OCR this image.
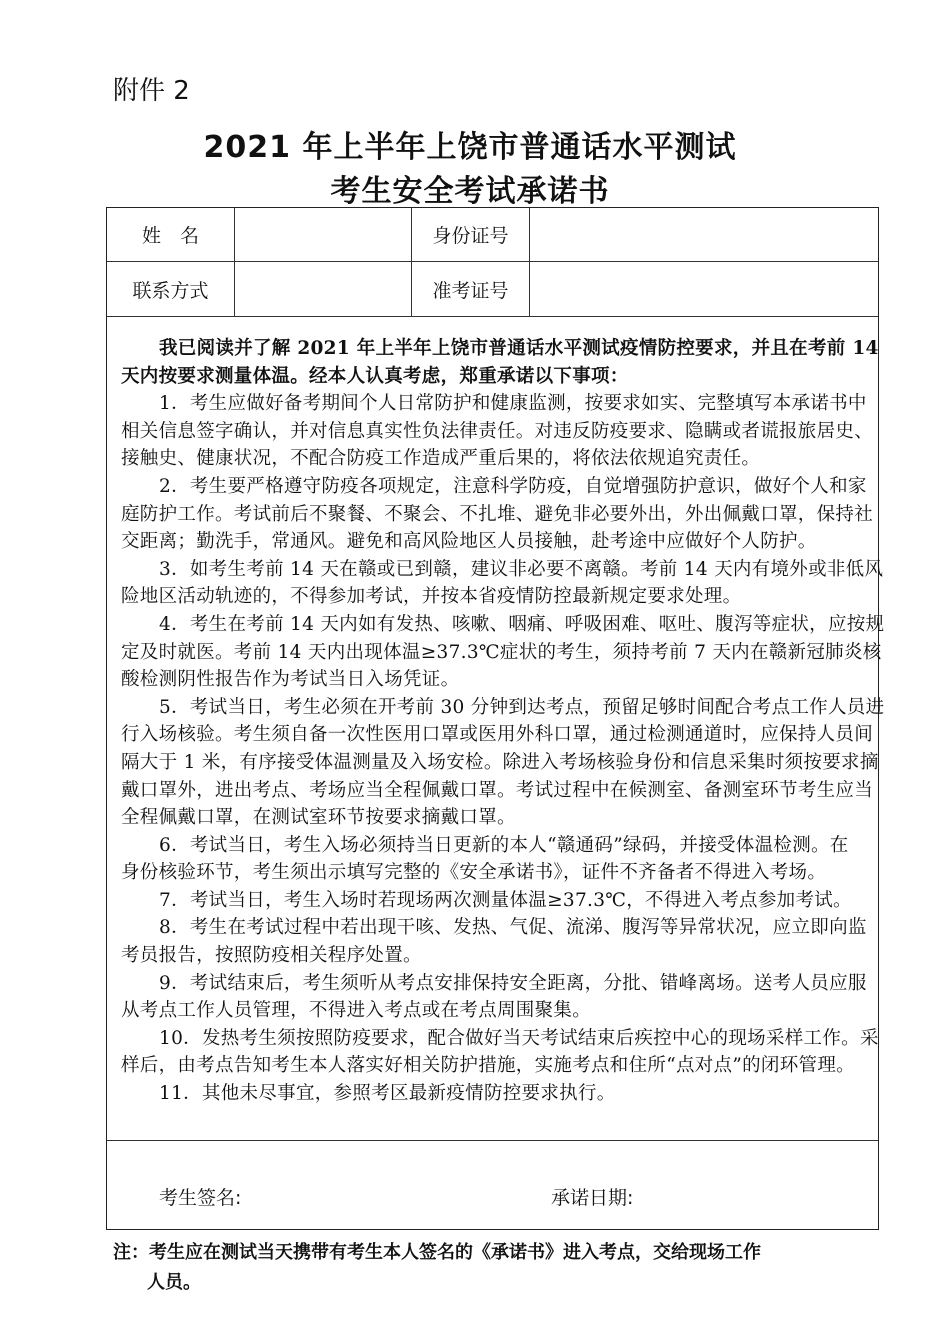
附件 2
2021 年上半年上饶市普通话水平测试
考生安全考试承诺书
姓　名	身份证号
联系方式	准考证号
我已阅读并了解 2021 年上半年上饶市普通话水平测试疫情防控要求，并且在考前 14
天内按要求测量体温。经本人认真考虑，郑重承诺以下事项：
1．考生应做好备考期间个人日常防护和健康监测，按要求如实、完整填写本承诺书中
相关信息签字确认，并对信息真实性负法律责任。对违反防疫要求、隐瞒或者谎报旅居史、
接触史、健康状况，不配合防疫工作造成严重后果的，将依法依规追究责任。
2．考生要严格遵守防疫各项规定，注意科学防疫，自觉增强防护意识，做好个人和家
庭防护工作。考试前后不聚餐、不聚会、不扎堆、避免非必要外出，外出佩戴口罩，保持社
交距离；勤洗手，常通风。避免和高风险地区人员接触，赴考途中应做好个人防护。
3．如考生考前 14 天在赣或已到赣，建议非必要不离赣。考前 14 天内有境外或非低风
险地区活动轨迹的，不得参加考试，并按本省疫情防控最新规定要求处理。
4．考生在考前 14 天内如有发热、咳嗽、咽痛、呼吸困难、呕吐、腹泻等症状，应按规
定及时就医。考前 14 天内出现体温≥37.3℃症状的考生，须持考前 7 天内在赣新冠肺炎核
酸检测阴性报告作为考试当日入场凭证。
5．考试当日，考生必须在开考前 30 分钟到达考点，预留足够时间配合考点工作人员进
行入场核验。考生须自备一次性医用口罩或医用外科口罩，通过检测通道时，应保持人员间
隔大于 1 米，有序接受体温测量及入场安检。除进入考场核验身份和信息采集时须按要求摘
戴口罩外，进出考点、考场应当全程佩戴口罩。考试过程中在候测室、备测室环节考生应当
全程佩戴口罩，在测试室环节按要求摘戴口罩。
6．考试当日，考生入场必须持当日更新的本人“赣通码”绿码，并接受体温检测。在
身份核验环节，考生须出示填写完整的《安全承诺书》，证件不齐备者不得进入考场。
7．考试当日，考生入场时若现场两次测量体温≥37.3℃，不得进入考点参加考试。
8．考生在考试过程中若出现干咳、发热、气促、流涕、腹泻等异常状况，应立即向监
考员报告，按照防疫相关程序处置。
9．考试结束后，考生须听从考点安排保持安全距离，分批、错峰离场。送考人员应服
从考点工作人员管理，不得进入考点或在考点周围聚集。
10．发热考生须按照防疫要求，配合做好当天考试结束后疾控中心的现场采样工作。采
样后，由考点告知考生本人落实好相关防护措施，实施考点和住所“点对点”的闭环管理。
11．其他未尽事宜，参照考区最新疫情防控要求执行。
考生签名:	承诺日期:
注：考生应在测试当天携带有考生本人签名的《承诺书》进入考点，交给现场工作
人员。
